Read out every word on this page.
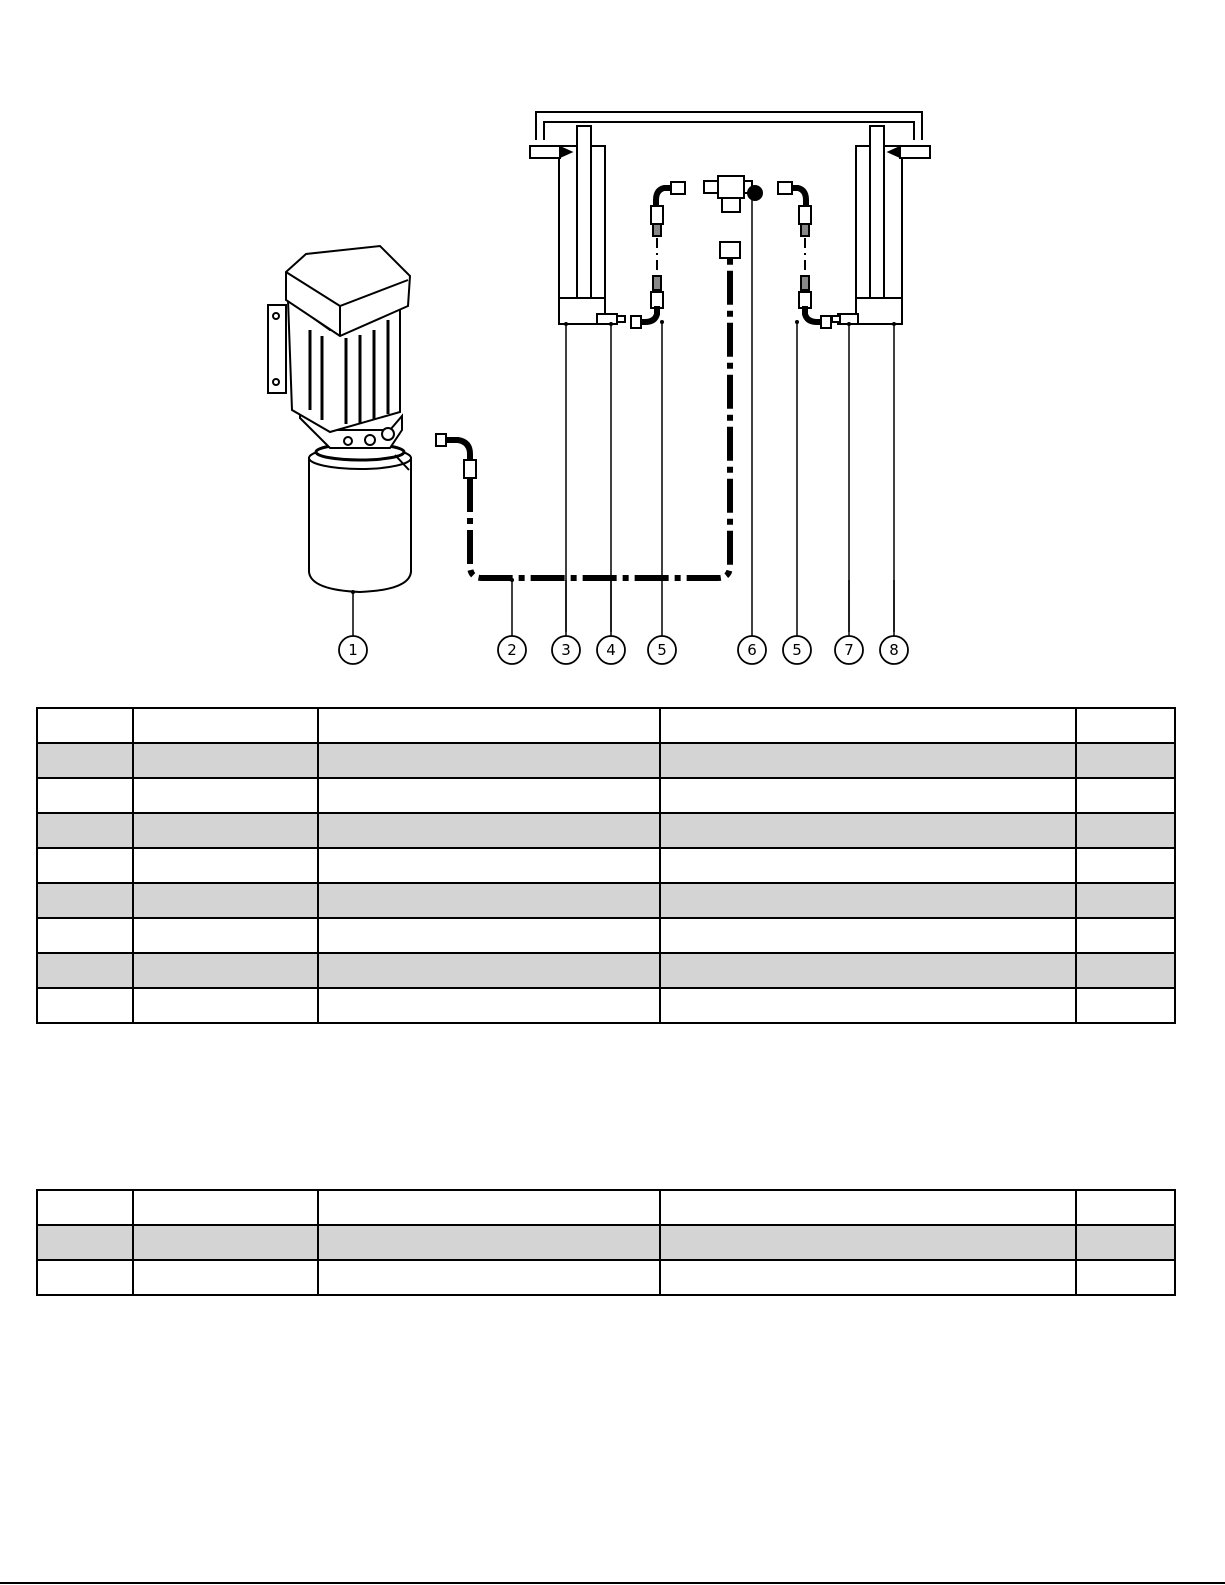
1	2	3 4	5	6 5	7 8
